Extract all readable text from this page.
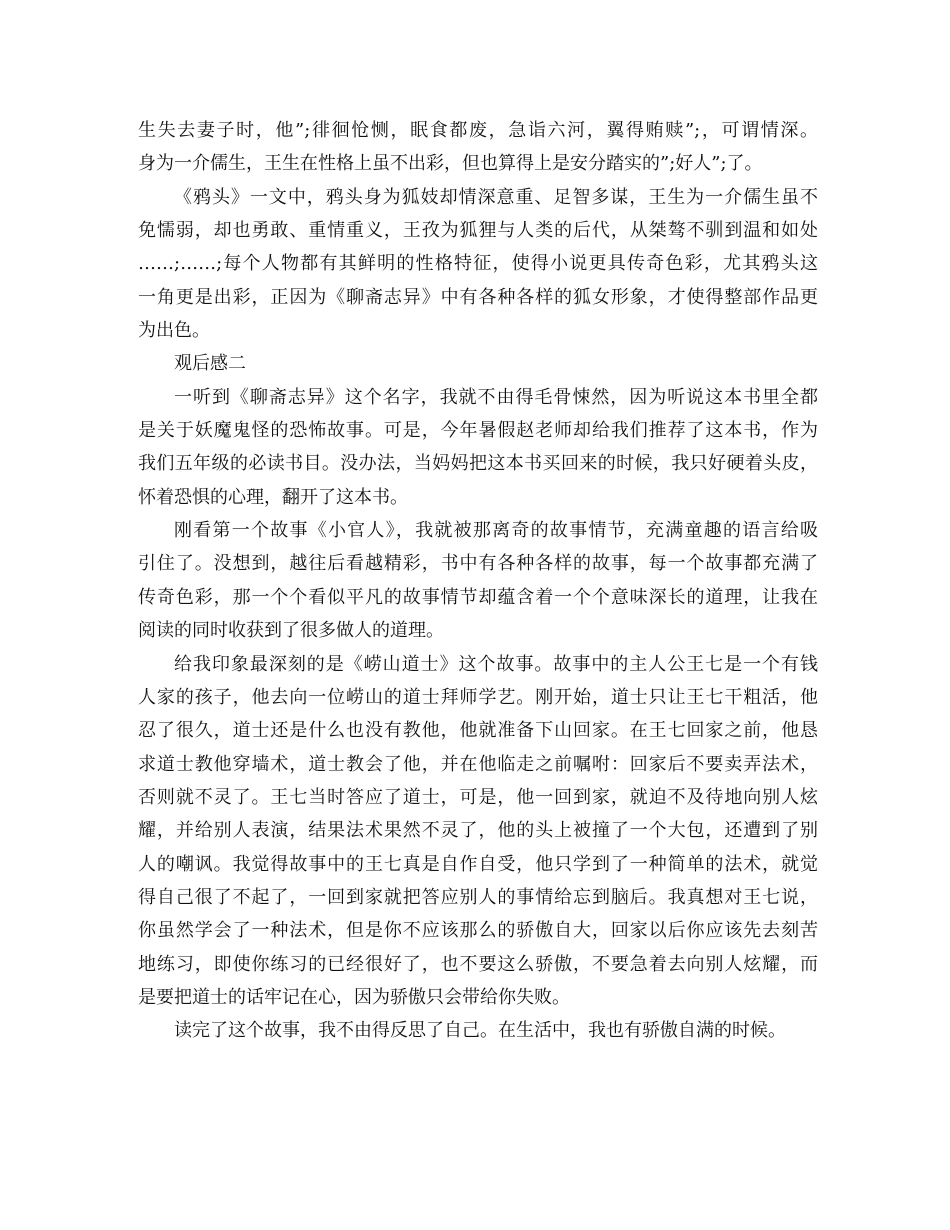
生失去妻子时，他”;徘徊怆恻，眠食都废，急诣六河，翼得贿赎”;，可谓情深。
身为一介儒生，王生在性格上虽不出彩，但也算得上是安分踏实的”;好人”;了。
《鸦头》一文中，鸦头身为狐妓却情深意重、足智多谋，王生为一介儒生虽不
免懦弱，却也勇敢、重情重义，王孜为狐狸与人类的后代，从桀骜不驯到温和如处
……;……;每个人物都有其鲜明的性格特征，使得小说更具传奇色彩，尤其鸦头这
一角更是出彩，正因为《聊斋志异》中有各种各样的狐女形象，才使得整部作品更
为出色。
观后感二
一听到《聊斋志异》这个名字，我就不由得毛骨悚然，因为听说这本书里全都
是关于妖魔鬼怪的恐怖故事。可是，今年暑假赵老师却给我们推荐了这本书，作为
我们五年级的必读书目。没办法，当妈妈把这本书买回来的时候，我只好硬着头皮，
怀着恐惧的心理，翻开了这本书。
刚看第一个故事《小官人》，我就被那离奇的故事情节，充满童趣的语言给吸
引住了。没想到，越往后看越精彩，书中有各种各样的故事，每一个故事都充满了
传奇色彩，那一个个看似平凡的故事情节却蕴含着一个个意味深长的道理，让我在
阅读的同时收获到了很多做人的道理。
给我印象最深刻的是《崂山道士》这个故事。故事中的主人公王七是一个有钱
人家的孩子，他去向一位崂山的道士拜师学艺。刚开始，道士只让王七干粗活，他
忍了很久，道士还是什么也没有教他，他就准备下山回家。在王七回家之前，他恳
求道士教他穿墙术，道士教会了他，并在他临走之前嘱咐：回家后不要卖弄法术，
否则就不灵了。王七当时答应了道士，可是，他一回到家，就迫不及待地向别人炫
耀，并给别人表演，结果法术果然不灵了，他的头上被撞了一个大包，还遭到了别
人的嘲讽。我觉得故事中的王七真是自作自受，他只学到了一种简单的法术，就觉
得自己很了不起了，一回到家就把答应别人的事情给忘到脑后。我真想对王七说，
你虽然学会了一种法术，但是你不应该那么的骄傲自大，回家以后你应该先去刻苦
地练习，即使你练习的已经很好了，也不要这么骄傲，不要急着去向别人炫耀，而
是要把道士的话牢记在心，因为骄傲只会带给你失败。
读完了这个故事，我不由得反思了自己。在生活中，我也有骄傲自满的时候。
